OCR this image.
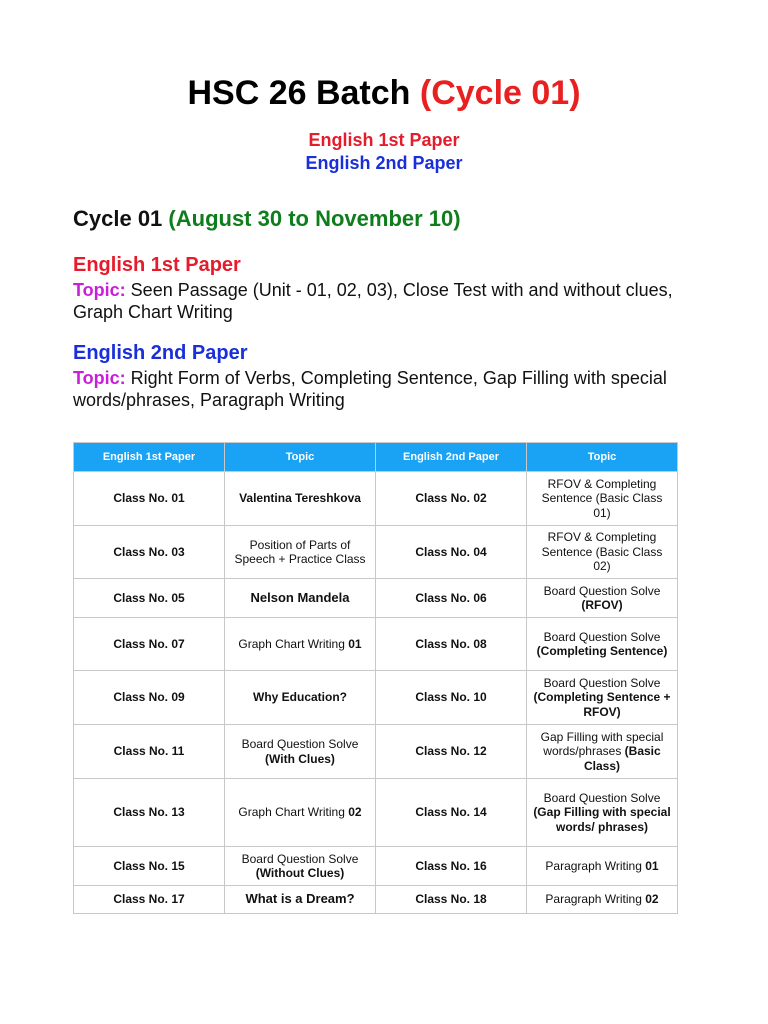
HSC 26 Batch (Cycle 01)
English 1st Paper
English 2nd Paper
Cycle 01 (August 30 to November 10)
English 1st Paper
Topic: Seen Passage (Unit - 01, 02, 03), Close Test with and without clues, Graph Chart Writing
English 2nd Paper
Topic: Right Form of Verbs, Completing Sentence, Gap Filling with special words/phrases, Paragraph Writing
English 1st Paper	Topic	English 2nd Paper	Topic
Class No. 01	Valentina Tereshkova	Class No. 02	RFOV & Completing Sentence (Basic Class 01)
Class No. 03	Position of Parts of Speech + Practice Class	Class No. 04	RFOV & Completing Sentence (Basic Class 02)
Class No. 05	Nelson Mandela	Class No. 06	Board Question Solve (RFOV)
Class No. 07	Graph Chart Writing 01	Class No. 08	Board Question Solve (Completing Sentence)
Class No. 09	Why Education?	Class No. 10	Board Question Solve (Completing Sentence + RFOV)
Class No. 11	Board Question Solve (With Clues)	Class No. 12	Gap Filling with special words/phrases (Basic Class)
Class No. 13	Graph Chart Writing 02	Class No. 14	Board Question Solve (Gap Filling with special words/ phrases)
Class No. 15	Board Question Solve (Without Clues)	Class No. 16	Paragraph Writing 01
Class No. 17	What is a Dream?	Class No. 18	Paragraph Writing 02
